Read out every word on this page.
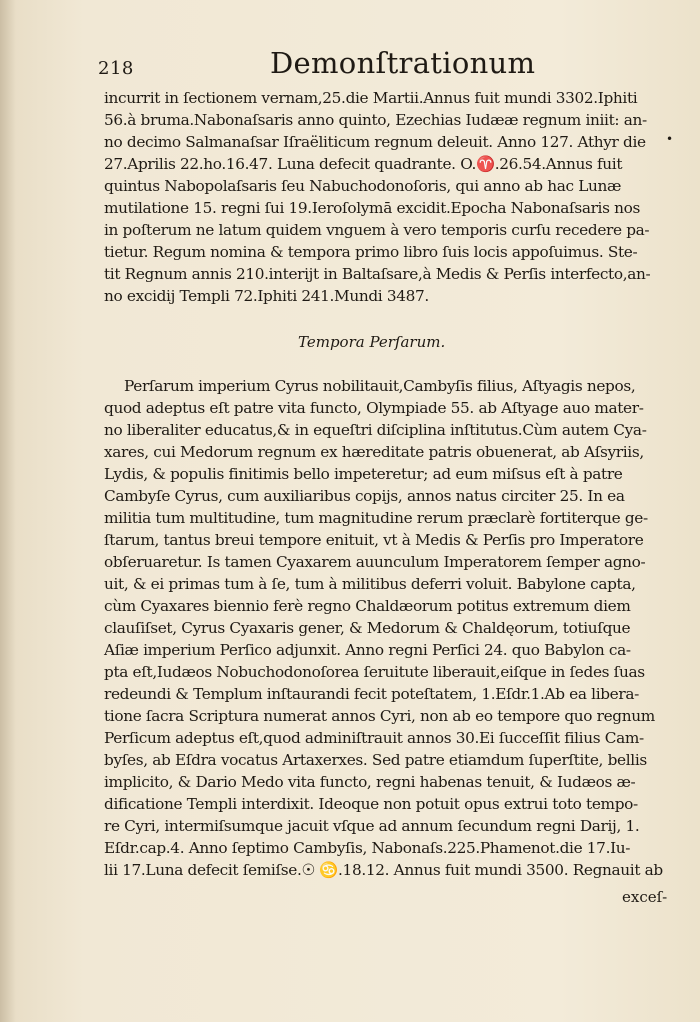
218	Demonſtrationum
•
incurrit in ſectionem vernam,25.die Martii.Annus fuit mundi 3302.Iphiti
56.à bruma.Nabonaſsaris anno quinto, Ezechias Iudææ regnum iniit: an-
no decimo Salmanaſsar Iſraëliticum regnum deleuit. Anno 127. Athyr die
27.Aprilis 22.ho.16.47. Luna defecit quadrante. O.♈.26.54.Annus fuit
quintus Nabopolaſsaris ſeu Nabuchodonoſoris, qui anno ab hac Lunæ
mutilatione 15. regni ſui 19.Ieroſolymā excidit.Epocha Nabonaſsaris nos
in poſterum ne latum quidem vnguem à vero temporis curſu recedere pa-
tietur. Regum nomina & tempora primo libro ſuis locis appoſuimus. Ste-
tit Regnum annis 210.interijt in Baltaſsare,à Medis & Perſis interfecto,an-
no excidij Templi 72.Iphiti 241.Mundi 3487.
Tempora Perſarum.
Perſarum imperium Cyrus nobilitauit,Cambyſis filius, Aſtyagis nepos,
quod adeptus eſt patre vita functo, Olympiade 55. ab Aſtyage auo mater-
no liberaliter educatus,& in equeſtri diſciplina inſtitutus.Cùm autem Cya-
xares, cui Medorum regnum ex hæreditate patris obuenerat, ab Aſsyriis,
Lydis, & populis finitimis bello impeteretur; ad eum miſsus eſt à patre
Cambyſe Cyrus, cum auxiliaribus copijs, annos natus circiter 25. In ea
militia tum multitudine, tum magnitudine rerum præclarè fortiterque ge-
ſtarum, tantus breui tempore enituit, vt à Medis & Perſis pro Imperatore
obſeruaretur. Is tamen Cyaxarem auunculum Imperatorem ſemper agno-
uit, & ei primas tum à ſe, tum à militibus deferri voluit. Babylone capta,
cùm Cyaxares biennio ferè regno Chaldæorum potitus extremum diem
clauſiſset, Cyrus Cyaxaris gener, & Medorum & Chaldęorum, totiuſque
Aſiæ imperium Perſico adjunxit. Anno regni Perſici 24. quo Babylon ca-
pta eſt,Iudæos Nobuchodonoſorea ſeruitute liberauit,eiſque in ſedes ſuas
redeundi & Templum inſtaurandi fecit poteſtatem, 1.Eſdr.1.Ab ea libera-
tione ſacra Scriptura numerat annos Cyri, non ab eo tempore quo regnum
Perſicum adeptus eſt,quod adminiſtrauit annos 30.Ei ſucceſſit filius Cam-
byſes, ab Eſdra vocatus Artaxerxes. Sed patre etiamdum ſuperſtite, bellis
implicito, & Dario Medo vita functo, regni habenas tenuit, & Iudæos æ-
dificatione Templi interdixit. Ideoque non potuit opus extrui toto tempo-
re Cyri, intermiſsumque jacuit vſque ad annum ſecundum regni Darij, 1.
Eſdr.cap.4. Anno ſeptimo Cambyſis, Nabonaſs.225.Phamenot.die 17.Iu-
lii 17.Luna defecit ſemiſse.☉ ♋.18.12. Annus fuit mundi 3500. Regnauit ab
exceſ-
